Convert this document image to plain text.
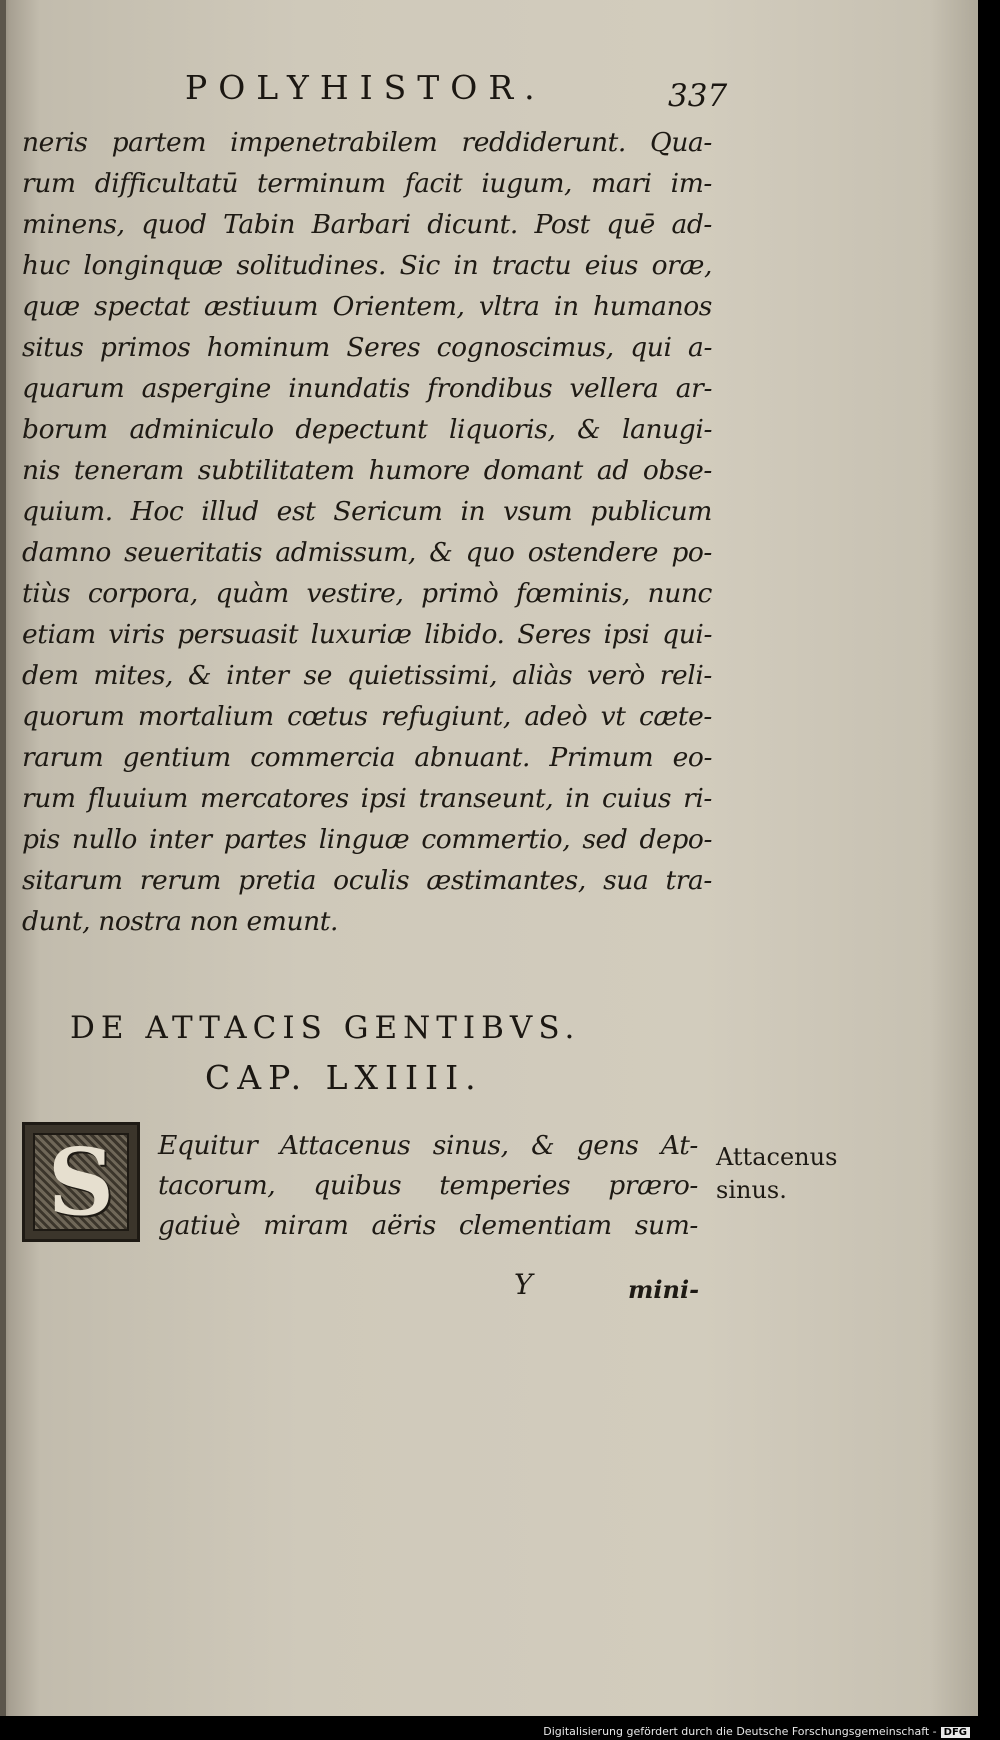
POLYHISTOR.	337
neris partem impenetrabilem reddiderunt. Qua-
rum difficultatū terminum facit iugum, mari im-
minens, quod Tabin Barbari dicunt. Post quē ad-
huc longinquæ solitudines. Sic in tractu eius oræ,
quæ spectat æstiuum Orientem, vltra in humanos
situs primos hominum Seres cognoscimus, qui a-
quarum aspergine inundatis frondibus vellera ar-
borum adminiculo depectunt liquoris, & lanugi-
nis teneram subtilitatem humore domant ad obse-
quium. Hoc illud est Sericum in vsum publicum
damno seueritatis admissum, & quo ostendere po-
tiùs corpora, quàm vestire, primò fœminis, nunc
etiam viris persuasit luxuriæ libido. Seres ipsi qui-
dem mites, & inter se quietissimi, aliàs verò reli-
quorum mortalium cœtus refugiunt, adeò vt cæte-
rarum gentium commercia abnuant. Primum eo-
rum fluuium mercatores ipsi transeunt, in cuius ri-
pis nullo inter partes linguæ commertio, sed depo-
sitarum rerum pretia oculis æstimantes, sua tra-
dunt, nostra non emunt.
DE ATTACIS GENTIBVS.
CAP. LXIIII.
S	Equitur Attacenus sinus, & gens At-
tacorum, quibus temperies præro-
gatiuè miram aëris clementiam sum-
Attacenus
sinus.
Y	mini-
Digitalisierung gefördert durch die Deutsche Forschungsgemeinschaft - DFG
